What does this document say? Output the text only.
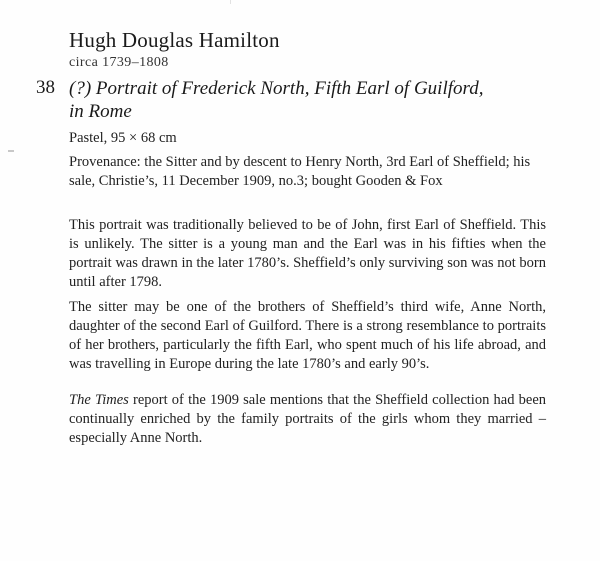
Hugh Douglas Hamilton
circa 1739–1808
38 (?) Portrait of Frederick North, Fifth Earl of Guilford,
in Rome
Pastel, 95 × 68 cm
Provenance: the Sitter and by descent to Henry North, 3rd Earl of Sheffield; his sale, Christie’s, 11 December 1909, no.3; bought Gooden & Fox
This portrait was traditionally believed to be of John, first Earl of Sheffield. This is unlikely. The sitter is a young man and the Earl was in his fifties when the portrait was drawn in the later 1780’s. Sheffield’s only surviving son was not born until after 1798.
The sitter may be one of the brothers of Sheffield’s third wife, Anne North, daughter of the second Earl of Guilford. There is a strong resemblance to portraits of her brothers, particularly the fifth Earl, who spent much of his life abroad, and was travelling in Europe during the late 1780’s and early 90’s.
The Times report of the 1909 sale mentions that the Sheffield collection had been continually enriched by the family portraits of the girls whom they married – especially Anne North.
